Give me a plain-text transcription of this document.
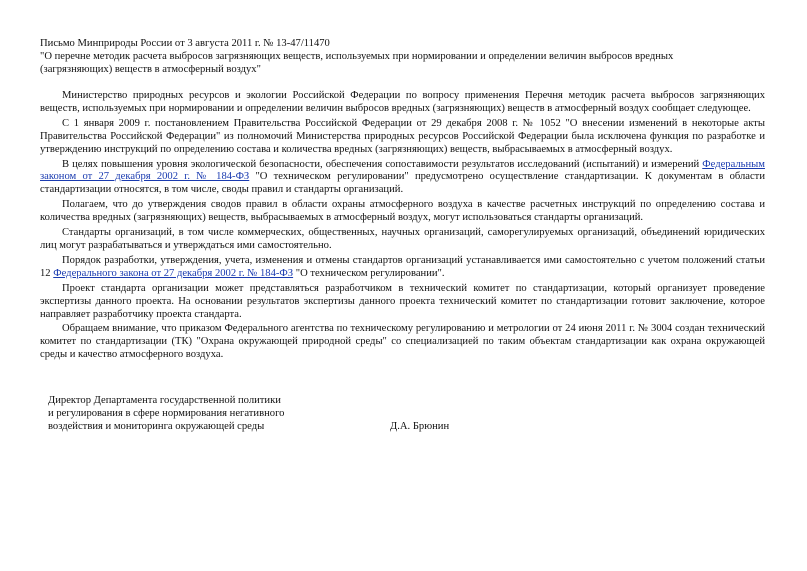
Письмо Минприроды России от 3 августа 2011 г. № 13-47/11470
"О перечне методик расчета выбросов загрязняющих веществ, используемых при нормировании и определении величин выбросов вредных
(загрязняющих) веществ в атмосферный воздух"

Министерство природных ресурсов и экологии Российской Федерации по вопросу применения Перечня методик расчета выбросов загрязняющих веществ, используемых при нормировании и определении величин выбросов вредных (загрязняющих) веществ в атмосферный воздух сообщает следующее.

С 1 января 2009 г. постановлением Правительства Российской Федерации от 29 декабря 2008 г. № 1052 "О внесении изменений в некоторые акты Правительства Российской Федерации" из полномочий Министерства природных ресурсов Российской Федерации была исключена функция по разработке и утверждению инструкций по определению состава и количества вредных (загрязняющих) веществ, выбрасываемых в атмосферный воздух.

В целях повышения уровня экологической безопасности, обеспечения сопоставимости результатов исследований (испытаний) и измерений Федеральным законом от 27 декабря 2002 г. № 184-ФЗ "О техническом регулировании" предусмотрено осуществление стандартизации. К документам в области стандартизации относятся, в том числе, своды правил и стандарты организаций.

Полагаем, что до утверждения сводов правил в области охраны атмосферного воздуха в качестве расчетных инструкций по определению состава и количества вредных (загрязняющих) веществ, выбрасываемых в атмосферный воздух, могут использоваться стандарты организаций.

Стандарты организаций, в том числе коммерческих, общественных, научных организаций, саморегулируемых организаций, объединений юридических лиц могут разрабатываться и утверждаться ими самостоятельно.

Порядок разработки, утверждения, учета, изменения и отмены стандартов организаций устанавливается ими самостоятельно с учетом положений статьи 12 Федерального закона от 27 декабря 2002 г. № 184-ФЗ "О техническом регулировании".

Проект стандарта организации может представляться разработчиком в технический комитет по стандартизации, который организует проведение экспертизы данного проекта. На основании результатов экспертизы данного проекта технический комитет по стандартизации готовит заключение, которое направляет разработчику проекта стандарта.

Обращаем внимание, что приказом Федерального агентства по техническому регулированию и метрологии от 24 июня 2011 г. № 3004 создан технический комитет по стандартизации (ТК) "Охрана окружающей природной среды" со специализацией по таким объектам стандартизации как охрана окружающей среды и качество атмосферного воздуха.

Директор Департамента государственной политики
и регулирования в сфере нормирования негативного
воздействия и мониторинга окружающей среды	Д.А. Брюнин
